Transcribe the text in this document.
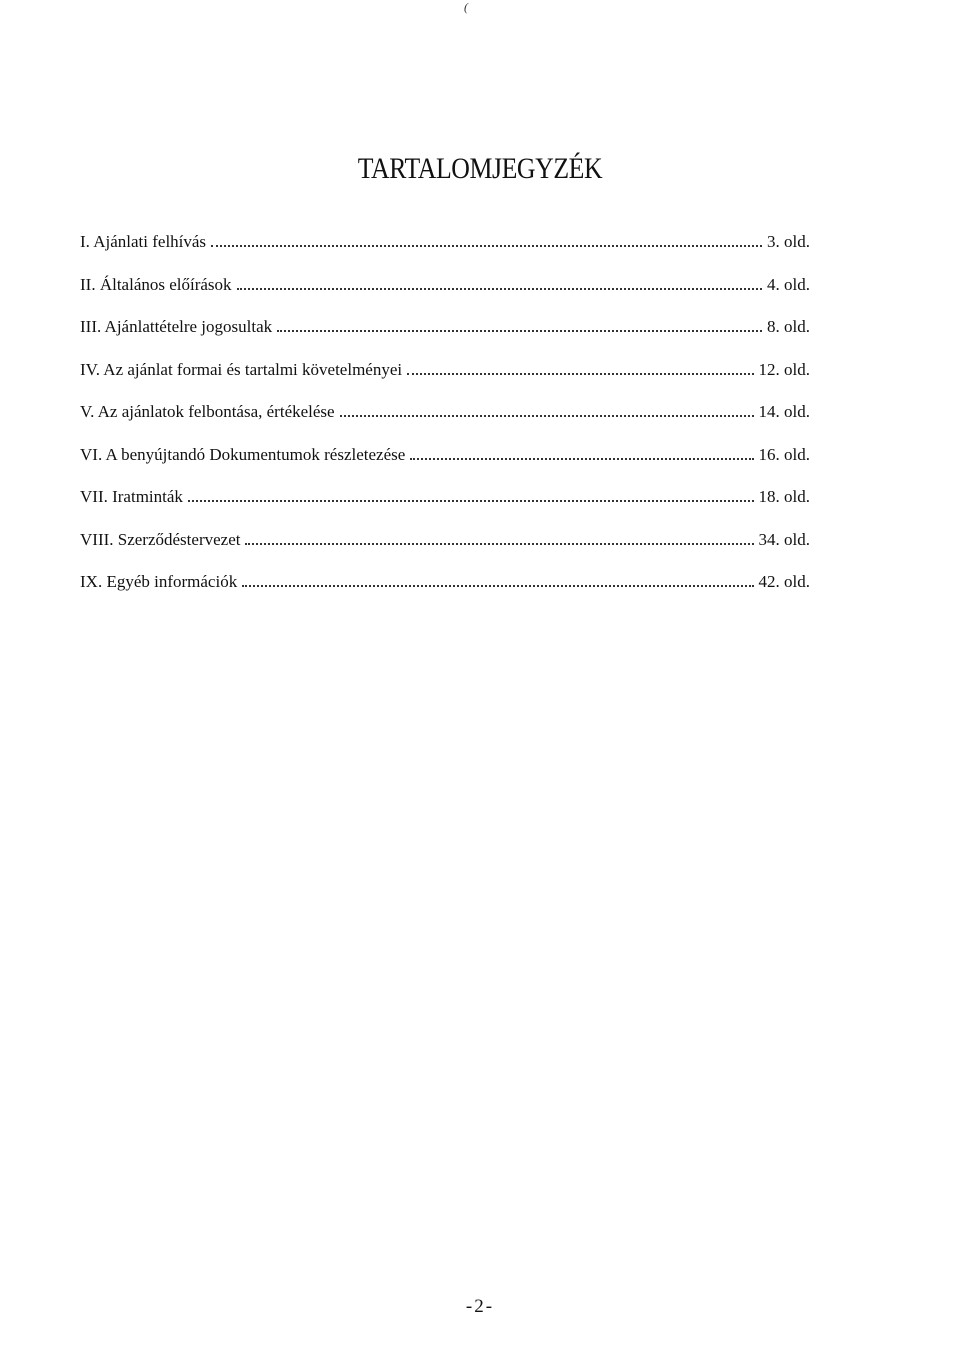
(
TARTALOMJEGYZÉK
I. Ajánlati felhívás	3. old.
II. Általános előírások	4. old.
III. Ajánlattételre jogosultak	8. old.
IV. Az ajánlat formai és tartalmi követelményei	12. old.
V. Az ajánlatok felbontása, értékelése	14. old.
VI. A benyújtandó Dokumentumok részletezése	16. old.
VII. Iratminták	18. old.
VIII. Szerződéstervezet	34. old.
IX. Egyéb információk	42. old.
-2-
